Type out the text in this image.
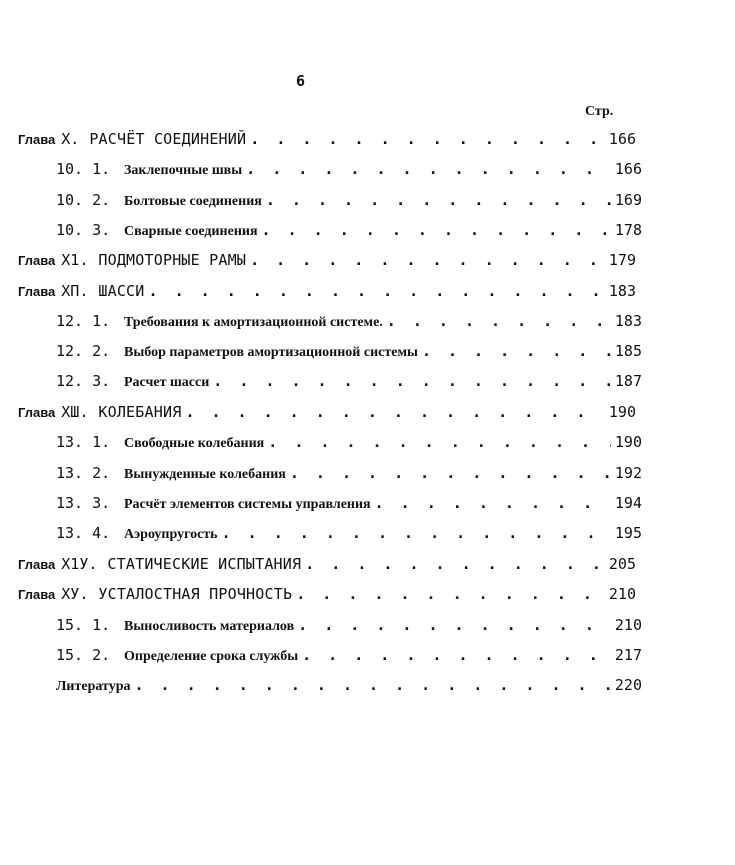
6
Стр.
Глава Х. РАСЧЁТ СОЕДИНЕНИЙ . . .	166
10. 1. Заклепочные швы . . .	166
10. 2. Болтовые соединения . . .	169
10. 3. Сварные соединения . . .	178
Глава Х1. ПОДМОТОРНЫЕ РАМЫ . . .	179
Глава ХП. ШАССИ . . .	183
12. 1. Требования к амортизационной системе. . . .	183
12. 2. Выбор параметров амортизационной системы . . .	185
12. 3. Расчет шасси . . .	187
Глава ХШ. КОЛЕБАНИЯ . . .	190
13. 1. Свободные колебания . . .	190
13. 2. Вынужденные колебания . . .	192
13. 3. Расчёт элементов системы управления . . .	194
13. 4. Аэроупругость . . .	195
Глава Х1У. СТАТИЧЕСКИЕ ИСПЫТАНИЯ . . .	205
Глава ХУ. УСТАЛОСТНАЯ ПРОЧНОСТЬ . . .	210
15. 1. Выносливость материалов . . .	210
15. 2. Определение срока службы . . .	217
Литература . . .	220
